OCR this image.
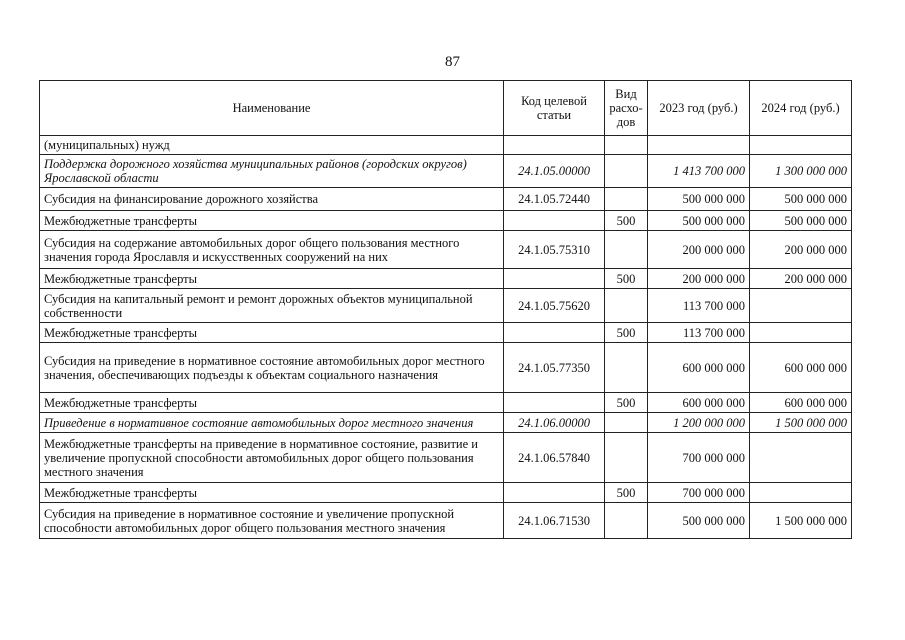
87
Наименование	Код целевой статьи	Вид расхо-дов	2023 год (руб.)	2024 год (руб.)
(муниципальных) нужд				
Поддержка дорожного хозяйства муниципальных районов (городских округов) Ярославской области	24.1.05.00000		1 413 700 000	1 300 000 000
Субсидия на финансирование дорожного хозяйства	24.1.05.72440		500 000 000	500 000 000
Межбюджетные трансферты		500	500 000 000	500 000 000
Субсидия на содержание автомобильных дорог общего пользования местного значения города Ярославля и искусственных сооружений на них	24.1.05.75310		200 000 000	200 000 000
Межбюджетные трансферты		500	200 000 000	200 000 000
Субсидия на капитальный ремонт и ремонт дорожных объектов муниципальной собственности	24.1.05.75620		113 700 000	
Межбюджетные трансферты		500	113 700 000	
Субсидия на приведение в нормативное состояние автомобильных дорог местного значения, обеспечивающих подъезды к объектам социального назначения	24.1.05.77350		600 000 000	600 000 000
Межбюджетные трансферты		500	600 000 000	600 000 000
Приведение в нормативное состояние автомобильных дорог местного значения	24.1.06.00000		1 200 000 000	1 500 000 000
Межбюджетные трансферты на приведение в нормативное состояние, развитие и увеличение пропускной способности автомобильных дорог общего пользования местного значения	24.1.06.57840		700 000 000	
Межбюджетные трансферты		500	700 000 000	
Субсидия на приведение в нормативное состояние и увеличение пропускной способности автомобильных дорог общего пользования местного значения	24.1.06.71530		500 000 000	1 500 000 000
